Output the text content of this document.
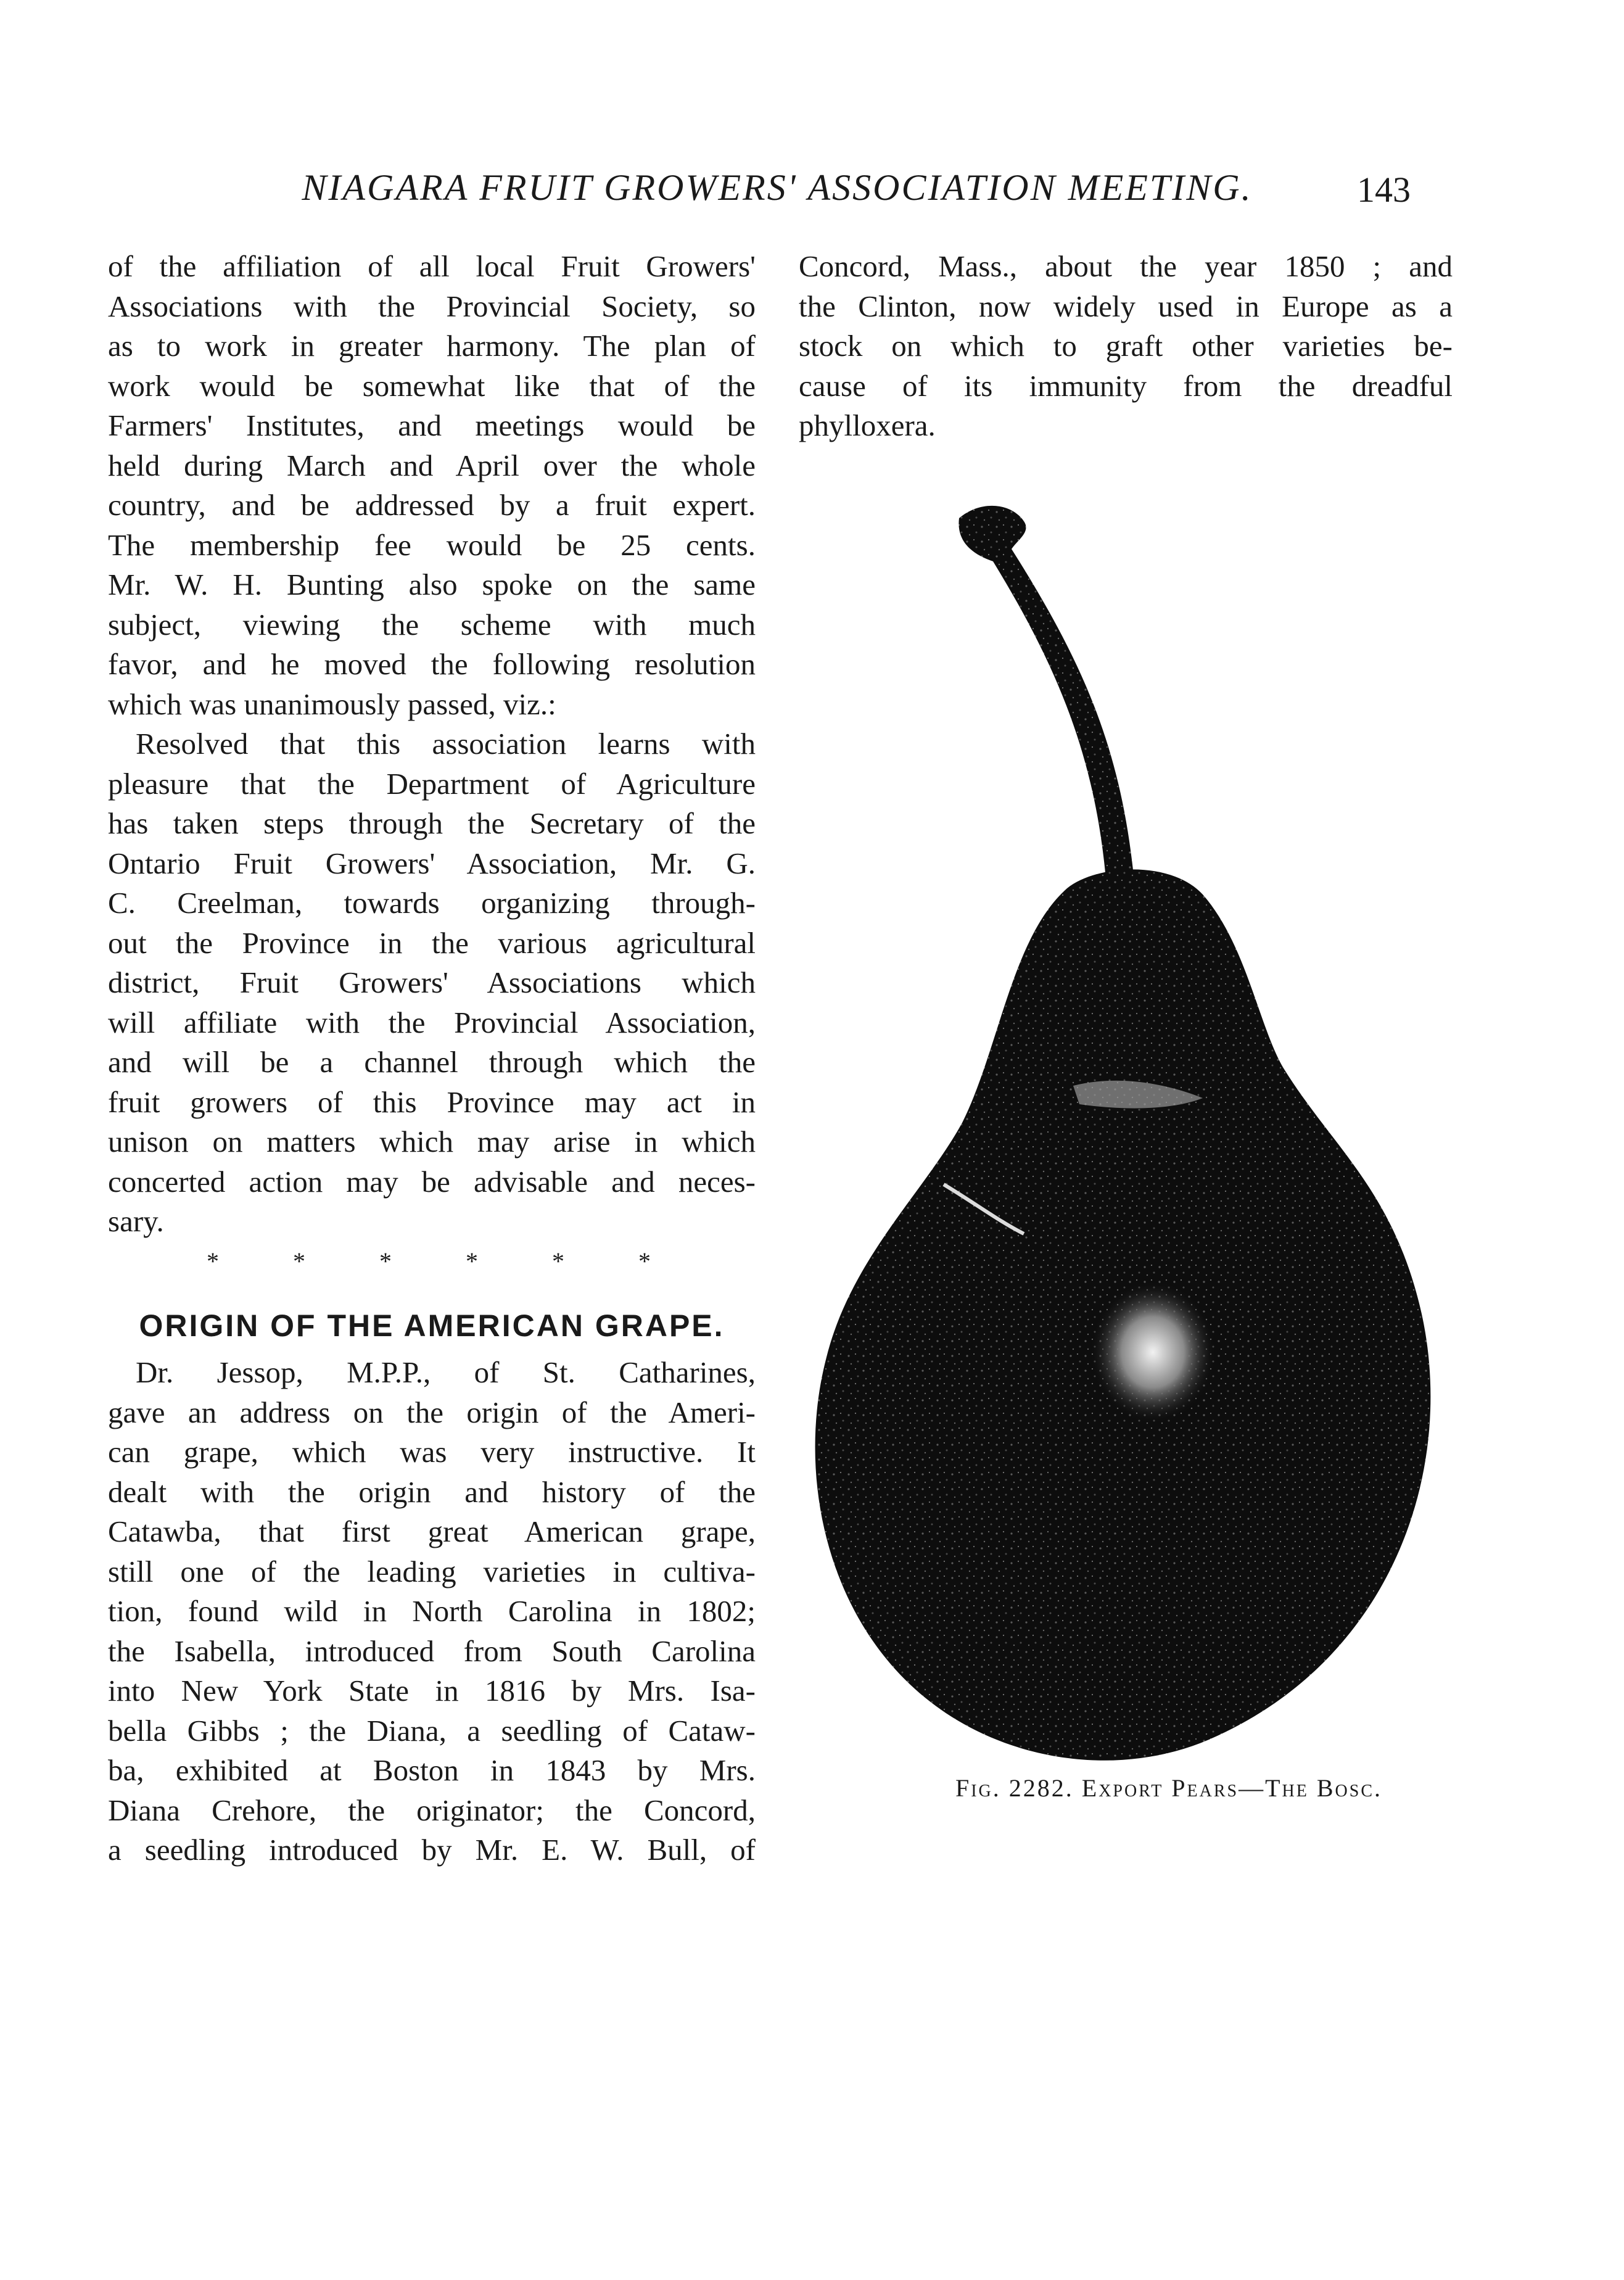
NIAGARA FRUIT GROWERS' ASSOCIATION MEETING.	143
of the affiliation of all local Fruit Growers'
Associations with the Provincial Society, so
as to work in greater harmony. The plan of
work would be somewhat like that of the
Farmers' Institutes, and meetings would be
held during March and April over the whole
country, and be addressed by a fruit expert.
The membership fee would be 25 cents.
Mr. W. H. Bunting also spoke on the same
subject, viewing the scheme with much
favor, and he moved the following resolution
which was unanimously passed, viz.:
Resolved that this association learns with
pleasure that the Department of Agriculture
has taken steps through the Secretary of the
Ontario Fruit Growers' Association, Mr. G.
C. Creelman, towards organizing through-
out the Province in the various agricultural
district, Fruit Growers' Associations which
will affiliate with the Provincial Association,
and will be a channel through which the
fruit growers of this Province may act in
unison on matters which may arise in which
concerted action may be advisable and neces-
sary.
*	*	*	*	*	*
ORIGIN OF THE AMERICAN GRAPE.
Dr. Jessop, M.P.P., of St. Catharines,
gave an address on the origin of the Ameri-
can grape, which was very instructive. It
dealt with the origin and history of the
Catawba, that first great American grape,
still one of the leading varieties in cultiva-
tion, found wild in North Carolina in 1802;
the Isabella, introduced from South Carolina
into New York State in 1816 by Mrs. Isa-
bella Gibbs ; the Diana, a seedling of Cataw-
ba, exhibited at Boston in 1843 by Mrs.
Diana Crehore, the originator; the Concord,
a seedling introduced by Mr. E. W. Bull, of
Concord, Mass., about the year 1850 ; and
the Clinton, now widely used in Europe as a
stock on which to graft other varieties be-
cause of its immunity from the dreadful
phylloxera.
Fig. 2282. Export Pears—The Bosc.
